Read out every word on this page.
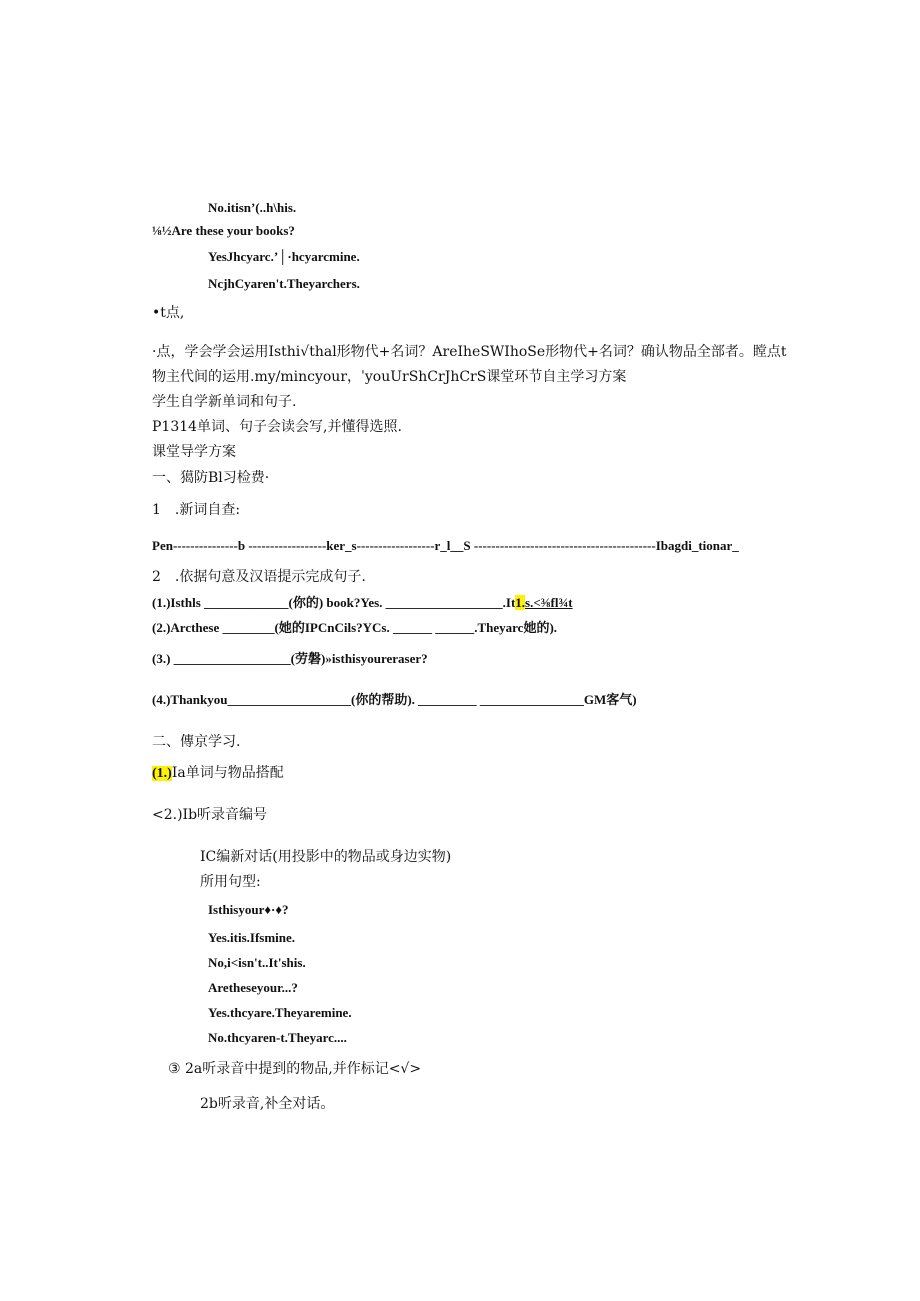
No.itisn’(..h\his.
⅛½Are these your books?
YesJhcyarc.’│·hcyarcmine.
NcjhCyaren't.Theyarchers.
•t点,
·点，学会学会运用Isthi√thal形物代+名词？AreIheSWIhoSe形物代+名词？确认物品全部者。瞠点t
物主代间的运用.my/mincyour，ˈyouUrShCrJhCrS课堂环节自主学习方案
学生自学新单词和句子.
P1314单词、句子会读会写,并懂得选照.
课堂导学方案
一、獦防Bl习检费·
1　.新词自查:
Pen---------------b ------------------ker_s------------------r_l__S ------------------------------------------Ibagdi_tionar_
2　.依据句意及汉语提示完成句子.
(1.)Isthls _____________(你的) book?Yes. __________________.It1.s.<⅜fl¾t
(2.)Arcthese ________(她的IPCnCils?YCs. ______ ______.Theyarc她的).
(3.) __________________(劳磐)»isthisyoureraser?
(4.)Thankyou___________________(你的帮助). _________ ________________GM客气)
二、傳京学习.
(1.)Ia单词与物品搭配
<2.)Ib听录音编号
IC编新对话(用投影中的物品或身边实物)
所用句型:
Isthisyour♦·♦?
Yes.itis.Ifsmine.
No,i<isn't..It'shis.
Aretheseyour...?
Yes.thcyare.Theyaremine.
No.thcyaren-t.Theyarc....
③ 2a听录音中提到的物品,并作标记<√>
2b听录音,补全对话。
